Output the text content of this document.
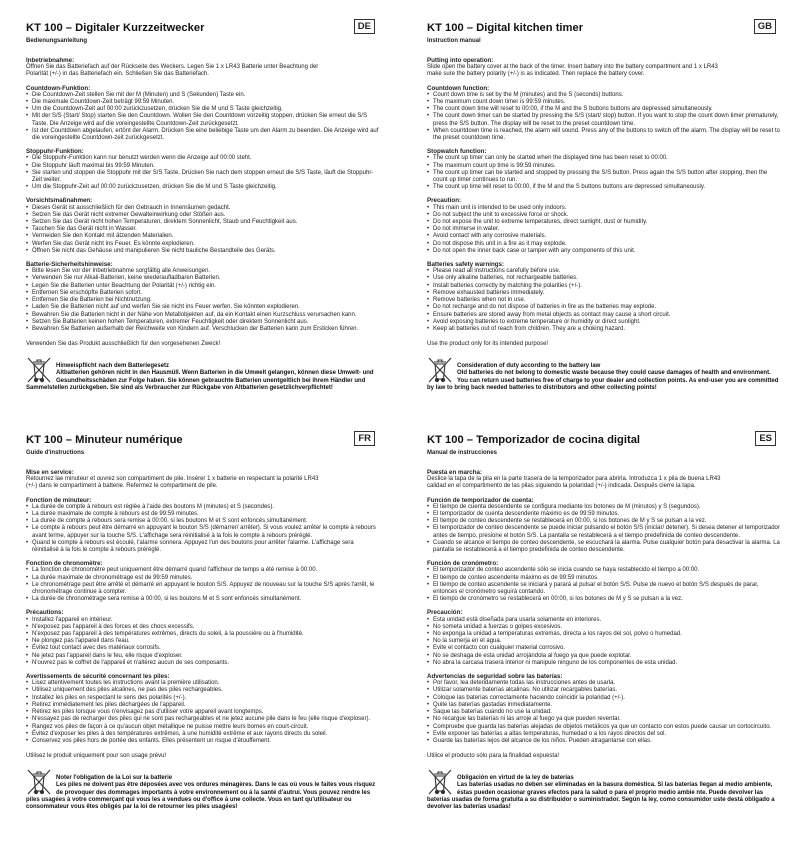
KT 100 – Digitaler Kurzzeitwecker	DE
Bedienungsanleitung
Inbetriebnahme:
Öffnen Sie das Batteriefach auf der Rückseite des Weckers. Legen Sie 1 x LR43 Batterie unter Beachtung der
Polarität (+/-) in das Batteriefach ein. Schließen Sie das Batteriefach.
Countdown-Funktion:
• Die Countdown-Zeit stellen Sie mit der M (Minuten) und S (Sekunden) Taste ein.
• Die maximale Countdown-Zeit beträgt 99:59 Minuten.
• Um die Countdown-Zeit auf 00:00 zurückzusetzen, drücken Sie die M und S Taste gleichzeitig.
• Mit der S/S (Start/ Stop) starten Sie den Countdown. Wollen Sie den Countdown vorzeitig stoppen, drücken Sie erneut die S/S Taste. Die Anzeige wird auf die voreingestellte Countdown-Zeit zurückgesetzt.
• Ist der Countdown abgelaufen, ertönt der Alarm. Drücken Sie eine beliebige Taste um den Alarm zu beenden. Die Anzeige wird auf die voreingestellte Countdown-zeit zurückgesetzt.
Stoppuhr-Funktion:
• Die Stoppuhr-Funktion kann nur benutzt werden wenn die Anzeige auf 00:00 steht.
• Die Stoppuhr läuft maximal bis 99:59 Minuten.
• Sie starten und stoppen die Stoppuhr mit der S/S Taste. Drücken Sie nach dem stoppen erneut die S/S Taste, läuft die Stoppuhr-Zeit weiter.
• Um die Stoppuhr-Zeit auf 00:00 zurückzusetzen, drücken Sie die M und S Taste gleichzeitig.
Vorsichtsmaßnahmen:
• Dieses Gerät ist ausschließlich für den Gebrauch in Innenräumen gedacht.
• Setzen Sie das Gerät nicht extremer Gewalteinwirkung oder Stößen aus.
• Setzen Sie das Gerät nicht hohen Temperaturen, direktem Sonnenlicht, Staub und Feuchtigkeit aus.
• Tauchen Sie das Gerät nicht in Wasser.
• Vermeiden Sie den Kontakt mit ätzenden Materialien.
• Werfen Sie das Gerät nicht ins Feuer. Es könnte explodieren.
• Öffnen Sie nicht das Gehäuse und manipulieren Sie nicht bauliche Bestandteile des Geräts.
Batterie-Sicherheitshinweise:
• Bitte lesen Sie vor der Inbetriebnahme sorgfältig alle Anweisungen.
• Verwenden Sie nur Alkali-Batterien, keine wiederaufladbaren Batterien.
• Legen Sie die Batterien unter Beachtung der Polarität (+/-) richtig ein.
• Entfernen Sie erschöpfte Batterien sofort.
• Entfernen Sie die Batterien bei Nichtnutzung.
• Laden Sie die Batterien nicht auf und werfen Sie sie nicht ins Feuer werfen. Sie könnten explodieren.
• Bewahren Sie die Batterien nicht in der Nähe von Metallobjekten auf, da ein Kontakt einen Kurzschluss verursachen kann.
• Setzen Sie Batterien keinen hohen Temperaturen, extremer Feuchtigkeit oder direktem Sonnenlicht aus.
• Bewahren Sie Batterien außerhalb der Reichweite von Kindern auf. Verschlucken der Batterien kann zum Ersticken führen.
Verwenden Sie das Produkt ausschließlich für den vorgesehenen Zweck!
Hinweispflicht nach dem Batteriegesetz
Altbatterien gehören nicht in den Hausmüll. Wenn Batterien in die Umwelt gelangen, können diese Umwelt- und Gesundheitsschäden zur Folge haben. Sie können gebrauchte Batterien unentgeltlich bei ihrem Händler und Sammelstellen zurückgeben. Sie sind als Verbraucher zur Rückgabe von Altbatterien gesetzlichverpflichtet!
KT 100 – Digital kitchen timer	GB
Instruction manual
Putting into operation:
Slide open the battery cover at the back of the timer. Insert battery into the battery compartment and 1 x LR43
make sure the battery polarity (+/-) is as indicated. Then replace the battery cover.
Countdown function:
• Count down time is set by the M (minutes) and the S (seconds) buttons.
• The maximum count down timer is 99:59 minutes.
• The count down time will reset to 00:00, if the M and the S buttons buttons are depressed simultaneously.
• The count down timer can be started by pressing the S/S (start/ stop) button. If you want to stop the count down timer prematurely, press the S/S button. The display will be reset to the preset countdown time.
• When countdown time is reached, the alarm will sound. Press any of the buttons to switch off the alarm. The display will be reset to the preset countdown time.
Stopwatch function:
• The count up timer can only be started when the displayed time has been reset to 00:00.
• The maximum count up time is 99:59 minutes.
• The count up timer can be started and stopped by pressing the S/S button. Press again the S/S button after stopping, then the count up timer continues to run.
• The count up time will reset to 00:00, if the M and the S buttons buttons are depressed simultaneously.
Precaution:
• This main unit is intended to be used only indoors.
• Do not subject the unit to excessive force or shock.
• Do not expose the unit to extreme temperatures, direct sunlight, dust or humidity.
• Do not immerse in water.
• Avoid contact with any corrosive materials.
• Do not dispose this unit in a fire as it may explode.
• Do not open the inner back case or tamper with any components of this unit.
Batteries safety warnings:
• Please read all instructions carefully before use.
• Use only alkaline batteries, not rechargeable batteries.
• Install batteries correctly by matching the polarities (+/-).
• Remove exhausted batteries immediately.
• Remove batteries when not in use.
• Do not recharge and do not dispose of batteries in fire as the batteries may explode.
• Ensure batteries are stored away from metal objects as contact may cause a short circuit.
• Avoid exposing batteries to extreme temperature or humidity or direct sunlight.
• Keep all batteries out of reach from children. They are a choking hazard.
Use the product only for its intended purpose!
Consideration of duty according to the battery law
Old batteries do not belong to domestic waste because they could cause damages of health and environment. You can return used batteries free of charge to your dealer and collection points. As end-user you are committed by law to bring back needed batteries to distributors and other collecting points!
KT 100 – Minuteur numérique	FR
Guide d'instructions
Mise en service:
Retournez lae minuteur et ouvrez son compartiment de pile. Insérer 1 x batterie en respectant la polarité LR43
(+/-) dans le compartiment à batterie. Refermez le compartiment de pile.
Fonction de minuteur:
• La durée de compte à rebours est réglée à l'aide des boutons M (minutes) et S (secondes).
• La durée maximale de compte à rebours est de 99:59 minutes.
• La durée de compte à rebours sera remise à 00:00, si les boutons M et S sont enfoncés simultanément.
• Le compte à rebours peut être démarré en appuyant le bouton S/S (démarrer/ arrêter). Si vous voulez arrêter le compte à rebours avant terme, appuyer sur la touche S/S. L'affichage sera réinitialisé à la fois le compte à rebours préréglé.
• Quand le compte à rebours est écoulé, l'alarme sonnera. Appuyez l'un des boutons pour arrêter l'alarme. L'affichage sera réinitialisé à la fois le compte à rebours préréglé.
Fonction de chronomètre:
• La fonction de chronomètre peut uniquement être démarré quand l'afficheur de temps a été remise à 00:00.
• La durée maximale de chronométrage est de 99:59 minutes.
• Le chronométrage peut être arrêté et démarré en appuyant le bouton S/S. Appuyez de nouveau sur la touche S/S après l'arrêt, le chronométrage continue à compter.
• La durée de chronométrage sera remise à 00:00, si les boutons M et S sont enfoncés simultanément.
Précautions:
• Installez l'appareil en intérieur.
• N'exposez pas l'appareil à des forces et des chocs excessifs.
• N'exposez pas l'appareil à des températures extrêmes, directs du soleil, à la poussière ou à l'humidité.
• Ne plongez pas l'appareil dans l'eau.
• Évitez tout contact avec des matériaux corrosifs.
• Ne jetez pas l'appareil dans le feu, elle risque d'exploser.
• N'ouvrez pas le coffret de l'appareil et n'altérez aucun de ses composants.
Avertissements de sécurité concernant les piles:
• Lisez attentivement toutes les instructions avant la première utilisation.
• Utilisez uniquement des piles alcalines, ne pas des piles rechargeables.
• Installez les piles en respectant le sens des polarités (+/-).
• Retirez immédiatement les piles déchargées de l'appareil.
• Retirez les piles lorsque vous n'envisagez pas d'utiliser votre appareil avant longtemps.
• N'essayez pas de recharger des piles qui ne sont pas rechargeables et ne jetez aucune pile dans le feu (elle risque d'exploser).
• Rangez vos piles de façon à ce qu'aucun objet métallique ne puisse mettre leurs bornes en court-circuit.
• Évitez d'exposer les piles à des températures extrêmes, à une humidité extrême et aux rayons directs du soleil.
• Conservez vos piles hors de portée des enfants. Elles présentent un risque d'étouffement.
Utilisez le produit uniquement pour son usage prévu!
Noter l'obligation de la Loi sur la batterie
Les piles ne doivent pas être déposées avec vos ordures ménagères. Dans le cas où vous le faites vous risquez de provoquer des dommages importants à votre environnement ou à la santé d'autrui. Vous pouvez rendre les piles usagées à votre commerçant qui vous les a vendues ou d'office à une collecte. Vous en tant qu'utilisateur ou consommateur vous êtes obligés par la loi de retourner les piles usagées!
KT 100 – Temporizador de cocina digital	ES
Manual de instrucciones
Puesta en marcha:
Deslice la tapa de la pila en la parte trasera de la temporizador para abrirla. Introduzca 1 x pila de buena LR43
calidad en el compartimento de las pilas siguiendo la polaridad (+/-) indicada. Después cierre la tapa.
Función de temporizador de cuenta:
• El tiempo de cuenta descendente se configura mediante los botones de M (minutos) y S (segundos).
• El temporizador de cuenta descendente máximo es de 99:59 minutos.
• El tiempo de conteo descendente se restablecerá en 00:00, si los botones de M y S se pulsan a la vez.
• El temporizador de conteo descendente se puede iniciar pulsando el botón S/S (iniciar/ detener). Si desea detener el temporizador antes de tiempo, presione el botón S/S. La pantalla se restablecerá a el tiempo predefinida de conteo descendente.
• Cuando se alcance el tiempo de conteo descendente, se escuchará la alarma. Pulse cualquier botón para desactivar la alarma. La pantalla se restablecerá a el tiempo predefinida de conteo descendente.
Función de cronómetro:
• El temporizador de conteo ascendente sólo se inicia cuando se haya restablecido el tiempo a 00:00.
• El tiempo de conteo ascendente máximo es de 99:59 minutos.
• El tiempo de conteo ascendente se iniciará y parará al pulsar el botón S/S. Pulse de nuevo el botón S/S después de parar, entonces el cronómetro seguirá contando.
• El tiempo de cronómetro se restablecerá en 00:00, si los botones de M y S se pulsan a la vez.
Precaución:
• Esta unidad está diseñada para usarla solamente en interiores.
• No someta unidad a fuerzas o golpes excesivos.
• No exponga la unidad a temperaturas extremas, directa a los rayos del sol, polvo o humedad.
• No la sumerja en el agua.
• Evite el contacto con cualquier material corrosivo.
• No se deshaga de esta unidad arrojándola al fuego ya que puede explotar.
• No abra la carcasa trasera interior ni manipule ninguno de los componentes de esta unidad.
Advertencias de seguridad sobre las baterías:
• Por favor, lea deteridamente todas las instrucciones antes de usarla.
• Utilizar solamente baterías alcalinas. No utilizar recargables baterías.
• Coloque las baterías correctamente haciendo coincidir la polaridad (+/-).
• Quite las baterías gastadas inmediatamente.
• Saque las baterías cuando no use la unidad.
• No recargue las baterías ni las arroje al fuego ya que pueden reventar.
• Compruebe que guarda las baterías alejadas de objetos metálicos ya que un contacto con estos puede causar un cortocircuito.
• Evite exponer las baterías a altas temperaturas, humedad o a los rayos directos del sol.
• Guarde las baterías lejos del alcance de los niños. Pueden atragantarse con ellas.
Utilice el producto sólo para la finalidad expuesta!
Obligación en virtud de la ley de baterías
Las baterías usadas no deben ser eliminadas en la basura doméstica. Si las baterías llegan al medio ambiente, éstas pueden ocasionar graves efectos para la salud o para el proprio medio ambie nte. Puede devolver las baterías usadas de forma gratuita a su distribuidor o suministrador. Según la ley, como consumidor uste destá obligado a devolver las baterías usadas!
